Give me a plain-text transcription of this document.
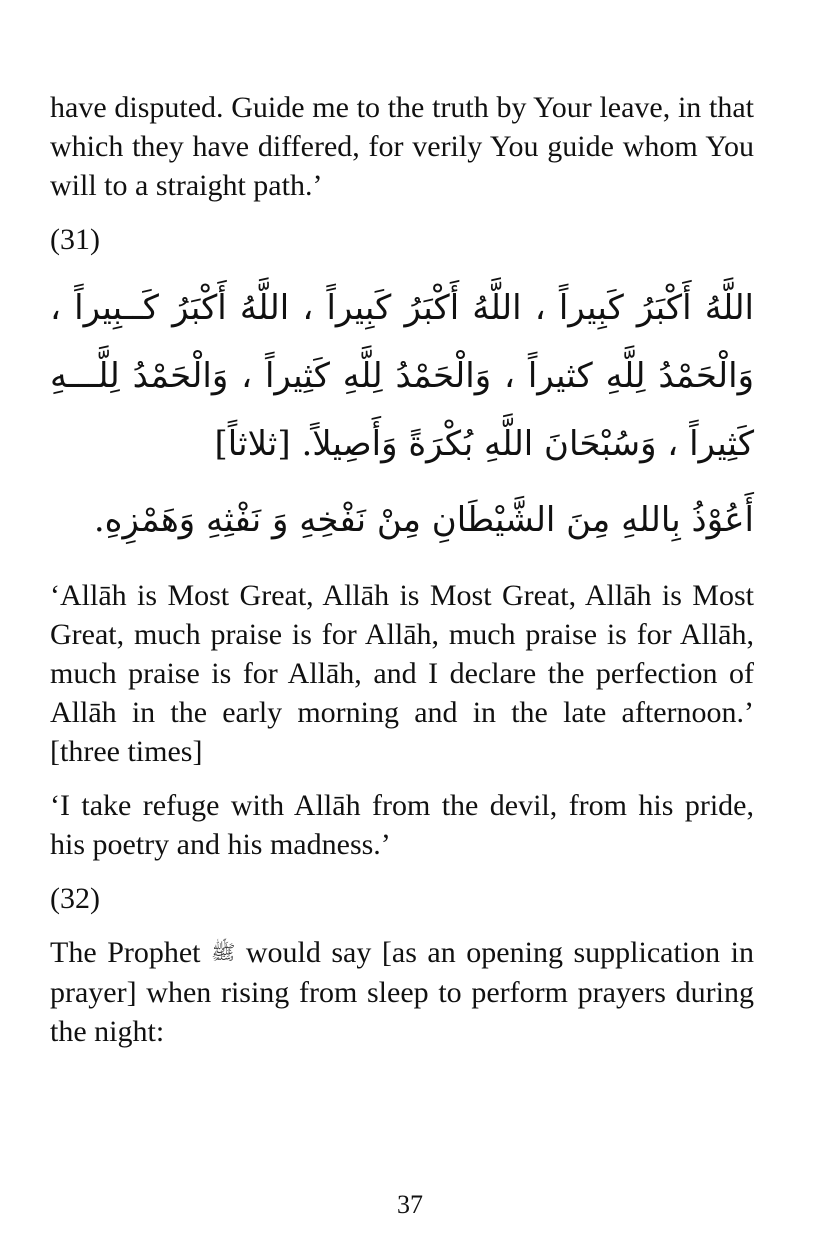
have disputed. Guide me to the truth by Your leave, in that which they have differed, for verily You guide whom You will to a straight path.’

(31)

اللَّهُ أَكْبَرُ كَبِيراً ، اللَّهُ أَكْبَرُ كَبِيراً ، اللَّهُ أَكْبَرُ كَــبِيراً ، وَالْحَمْدُ لِلَّهِ كثيراً ، وَالْحَمْدُ لِلَّهِ كَثِيراً ، وَالْحَمْدُ لِلَّـــهِ كَثِيراً ، وَسُبْحَانَ اللَّهِ بُكْرَةً وَأَصِيلاً. [ثلاثاً]

أَعُوْذُ بِاللهِ مِنَ الشَّيْطَانِ مِنْ نَفْخِهِ وَ نَفْثِهِ وَهَمْزِهِ.

‘Allāh is Most Great, Allāh is Most Great, Allāh is Most Great, much praise is for Allāh, much praise is for Allāh, much praise is for Allāh, and I declare the perfection of Allāh in the early morning and in the late afternoon.’ [three times]

‘I take refuge with Allāh from the devil, from his pride, his poetry and his madness.’

(32)

The Prophet ﷺ would say [as an opening supplication in prayer] when rising from sleep to perform prayers during the night:

37
